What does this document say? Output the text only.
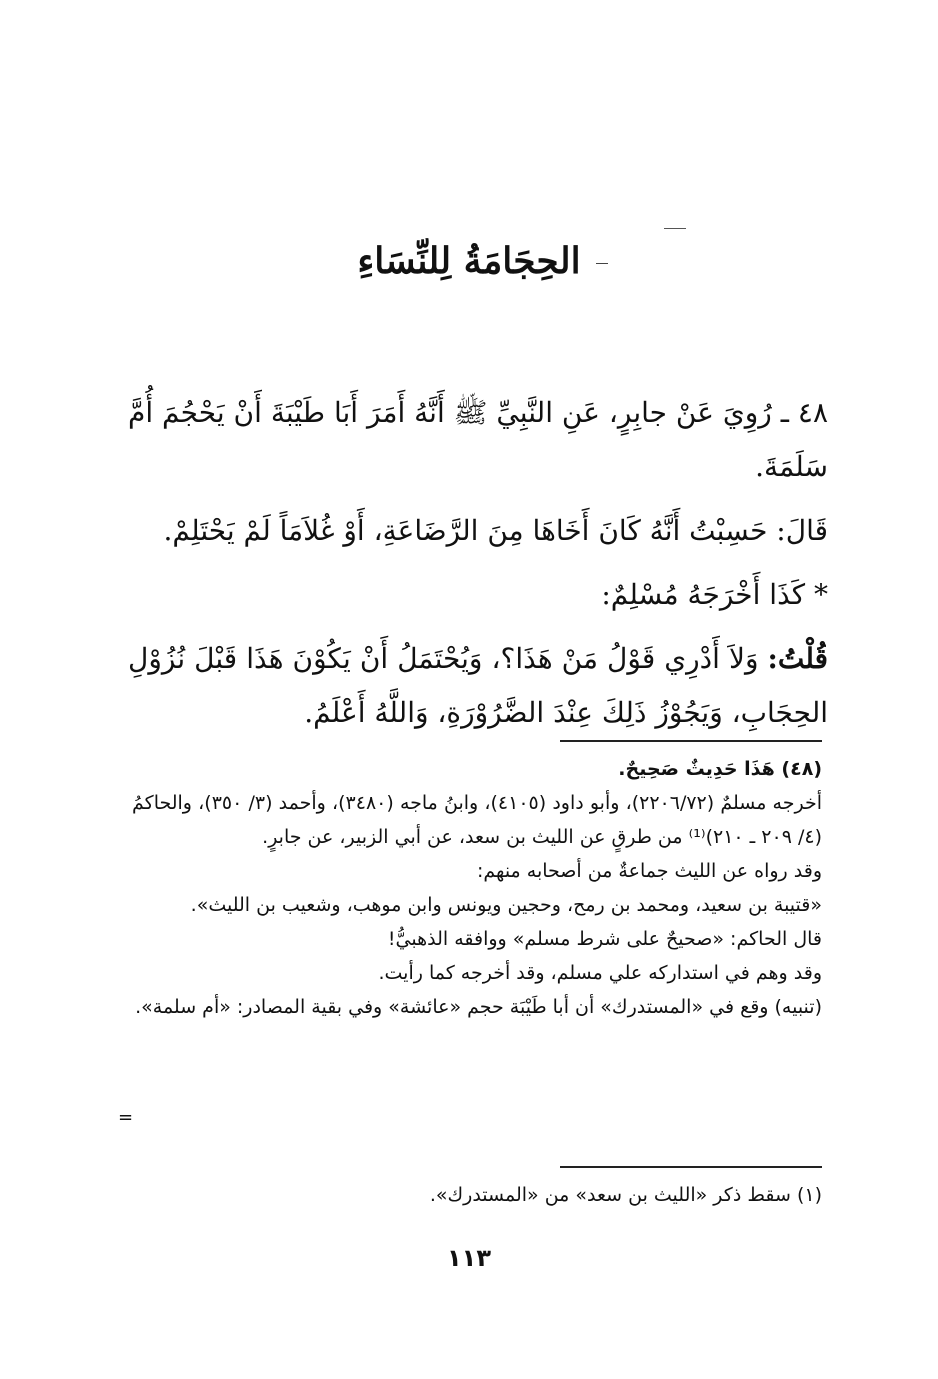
الحِجَامَةُ لِلنِّسَاءِ

٤٨ ـ رُوِيَ عَنْ جابِرٍ، عَنِ النَّبِيِّ ﷺ أَنَّهُ أَمَرَ أَبَا طَيْبَةَ أَنْ يَحْجُمَ أُمَّ سَلَمَةَ.

قَالَ: حَسِبْتُ أَنَّهُ كَانَ أَخَاهَا مِنَ الرَّضَاعَةِ، أَوْ غُلاَمَاً لَمْ يَحْتَلِمْ.

* كَذَا أَخْرَجَهُ مُسْلِمٌ:

قُلْتُ: وَلاَ أَدْرِي قَوْلُ مَنْ هَذَا؟، وَيُحْتَمَلُ أَنْ يَكُوْنَ هَذَا قَبْلَ نُزُوْلِ الحِجَابِ، وَيَجُوْزُ ذَلِكَ عِنْدَ الضَّرُوْرَةِ، وَاللَّهُ أَعْلَمُ.

(٤٨) هَذَا حَدِيثٌ صَحِيحٌ.

أخرجه مسلمٌ (٢٢٠٦/٧٢)، وأبو داود (٤١٠٥)، وابنُ ماجه (٣٤٨٠)، وأحمد (٣/ ٣٥٠)، والحاكمُ (٤/ ٢٠٩ ـ ٢١٠)⁽¹⁾ من طرقٍ عن الليث بن سعد، عن أبي الزبير، عن جابرٍ.

وقد رواه عن الليث جماعةٌ من أصحابه منهم:

«قتيبة بن سعيد، ومحمد بن رمح، وحجين ويونس وابن موهب، وشعيب بن الليث».

قال الحاكم: «صحيحٌ على شرط مسلم» ووافقه الذهبيُّ!

وقد وهم في استداركه علي مسلم، وقد أخرجه كما رأيت.

(تنبيه) وقع في «المستدرك» أن أبا طَيْبَة حجم «عائشة» وفي بقية المصادر: «أم سلمة».

=
(١) سقط ذكر «الليث بن سعد» من «المستدرك».
١١٣
